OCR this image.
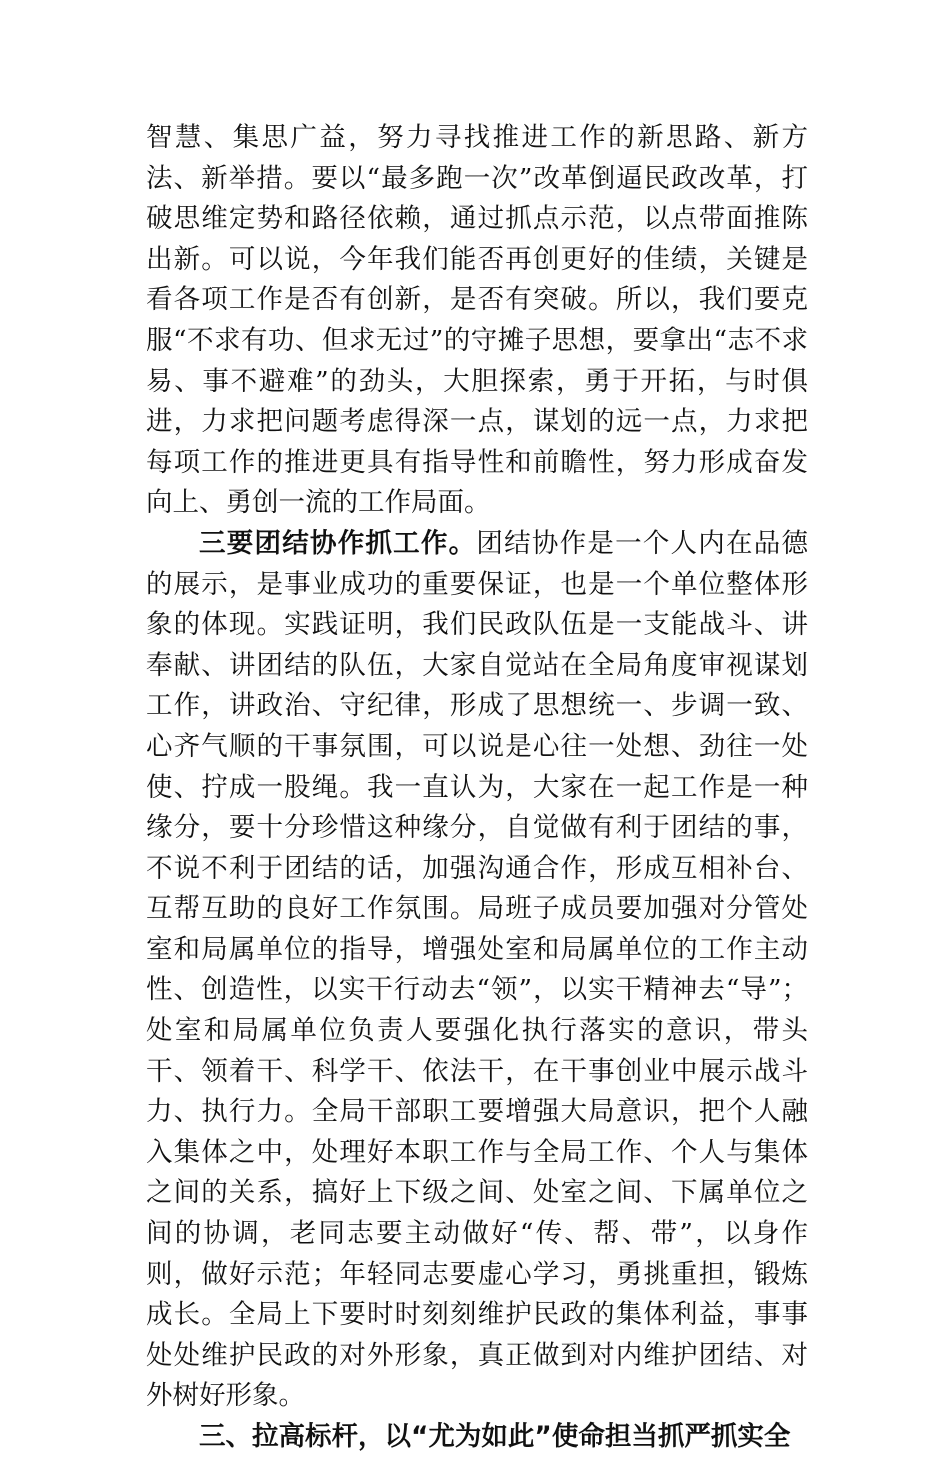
智慧、集思广益，努力寻找推进工作的新思路、新方法、新举措。要以“最多跑一次”改革倒逼民政改革，打破思维定势和路径依赖，通过抓点示范，以点带面推陈出新。可以说，今年我们能否再创更好的佳绩，关键是看各项工作是否有创新，是否有突破。所以，我们要克服“不求有功、但求无过”的守摊子思想，要拿出“志不求易、事不避难”的劲头，大胆探索，勇于开拓，与时俱进，力求把问题考虑得深一点，谋划的远一点，力求把每项工作的推进更具有指导性和前瞻性，努力形成奋发向上、勇创一流的工作局面。

三要团结协作抓工作。团结协作是一个人内在品德的展示，是事业成功的重要保证，也是一个单位整体形象的体现。实践证明，我们民政队伍是一支能战斗、讲奉献、讲团结的队伍，大家自觉站在全局角度审视谋划工作，讲政治、守纪律，形成了思想统一、步调一致、心齐气顺的干事氛围，可以说是心往一处想、劲往一处使、拧成一股绳。我一直认为，大家在一起工作是一种缘分，要十分珍惜这种缘分，自觉做有利于团结的事，不说不利于团结的话，加强沟通合作，形成互相补台、互帮互助的良好工作氛围。局班子成员要加强对分管处室和局属单位的指导，增强处室和局属单位的工作主动性、创造性，以实干行动去“领”，以实干精神去“导”；处室和局属单位负责人要强化执行落实的意识，带头干、领着干、科学干、依法干，在干事创业中展示战斗力、执行力。全局干部职工要增强大局意识，把个人融入集体之中，处理好本职工作与全局工作、个人与集体之间的关系，搞好上下级之间、处室之间、下属单位之间的协调，老同志要主动做好“传、帮、带”，以身作则，做好示范；年轻同志要虚心学习，勇挑重担，锻炼成长。全局上下要时时刻刻维护民政的集体利益，事事处处维护民政的对外形象，真正做到对内维护团结、对外树好形象。

三、拉高标杆，以“尤为如此”使命担当抓严抓实全
